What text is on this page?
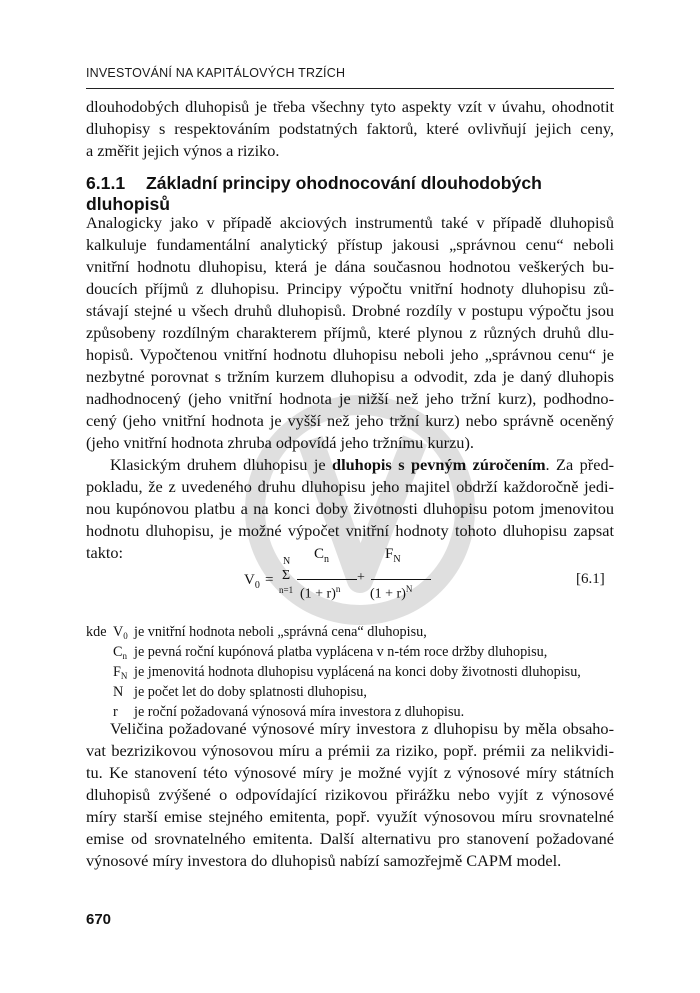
INVESTOVÁNÍ NA KAPITÁLOVÝCH TRZÍCH
dlouhodobých dluhopisů je třeba všechny tyto aspekty vzít v úvahu, ohodnotit
dluhopisy s respektováním podstatných faktorů, které ovlivňují jejich ceny,
a změřit jejich výnos a riziko.
6.1.1 Základní principy ohodnocování dlouhodobých dluhopisů
Analogicky jako v případě akciových instrumentů také v případě dluhopisů
kalkuluje fundamentální analytický přístup jakousi „správnou cenu“ neboli
vnitřní hodnotu dluhopisu, která je dána současnou hodnotou veškerých bu-
doucích příjmů z dluhopisu. Principy výpočtu vnitřní hodnoty dluhopisu zů-
stávají stejné u všech druhů dluhopisů. Drobné rozdíly v postupu výpočtu jsou
způsobeny rozdílným charakterem příjmů, které plynou z různých druhů dlu-
hopisů. Vypočtenou vnitřní hodnotu dluhopisu neboli jeho „správnou cenu“ je
nezbytné porovnat s tržním kurzem dluhopisu a odvodit, zda je daný dluhopis
nadhodnocený (jeho vnitřní hodnota je nižší než jeho tržní kurz), podhodno-
cený (jeho vnitřní hodnota je vyšší než jeho tržní kurz) nebo správně oceněný
(jeho vnitřní hodnota zhruba odpovídá jeho tržnímu kurzu).
Klasickým druhem dluhopisu je dluhopis s pevným zúročením. Za před-
pokladu, že z uvedeného druhu dluhopisu jeho majitel obdrží každoročně jedi-
nou kupónovou platbu a na konci doby životnosti dluhopisu potom jmenovitou
hodnotu dluhopisu, je možné výpočet vnitřní hodnoty tohoto dluhopisu zapsat
takto:
$V_0$ =
N
Σ
n=1
$C_n$
$(1 + r)^n$
+
$F_N$
$(1 + r)^N$
[6.1]
kde $V_0$ je vnitřní hodnota neboli „správná cena“ dluhopisu,
$C_n$ je pevná roční kupónová platba vyplácena v n-tém roce držby dluhopisu,
$F_N$ je jmenovitá hodnota dluhopisu vyplácená na konci doby životnosti dluhopisu,
N je počet let do doby splatnosti dluhopisu,
r	je roční požadovaná výnosová míra investora z dluhopisu.
Veličina požadované výnosové míry investora z dluhopisu by měla obsaho-
vat bezrizikovou výnosovou míru a prémii za riziko, popř. prémii za nelikvidi-
tu. Ke stanovení této výnosové míry je možné vyjít z výnosové míry státních
dluhopisů zvýšené o odpovídající rizikovou přirážku nebo vyjít z výnosové
míry starší emise stejného emitenta, popř. využít výnosovou míru srovnatelné
emise od srovnatelného emitenta. Další alternativu pro stanovení požadované
výnosové míry investora do dluhopisů nabízí samozřejmě CAPM model.
670
